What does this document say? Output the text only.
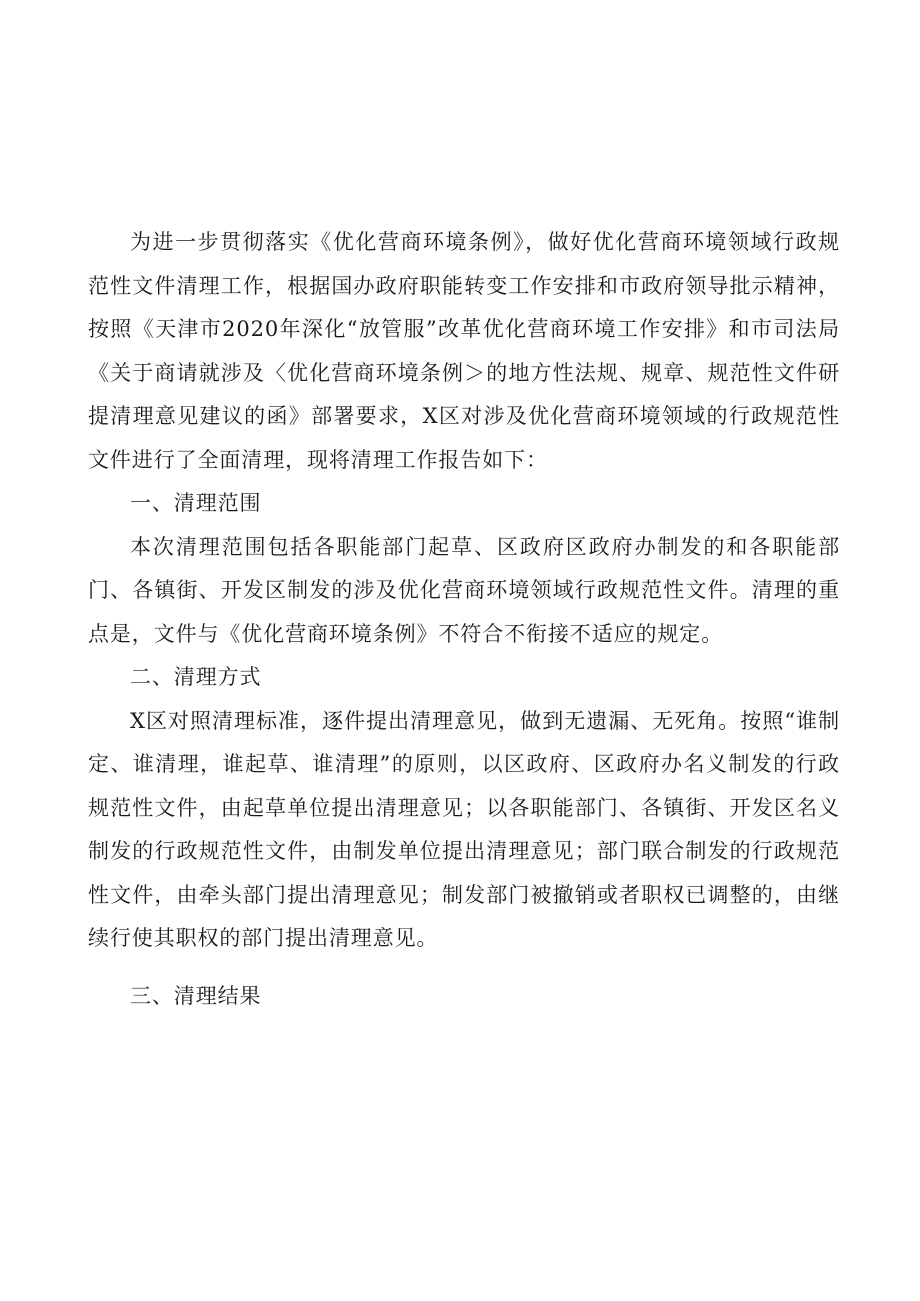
为进一步贯彻落实《优化营商环境条例》，做好优化营商环境领域行政规范性文件清理工作，根据国办政府职能转变工作安排和市政府领导批示精神，按照《天津市2020年深化“放管服”改革优化营商环境工作安排》和市司法局《关于商请就涉及〈优化营商环境条例＞的地方性法规、规章、规范性文件研提清理意见建议的函》部署要求，X区对涉及优化营商环境领域的行政规范性文件进行了全面清理，现将清理工作报告如下：

一、清理范围

本次清理范围包括各职能部门起草、区政府区政府办制发的和各职能部门、各镇街、开发区制发的涉及优化营商环境领域行政规范性文件。清理的重点是，文件与《优化营商环境条例》不符合不衔接不适应的规定。

二、清理方式

X区对照清理标准，逐件提出清理意见，做到无遗漏、无死角。按照“谁制定、谁清理，谁起草、谁清理”的原则，以区政府、区政府办名义制发的行政规范性文件，由起草单位提出清理意见；以各职能部门、各镇街、开发区名义制发的行政规范性文件，由制发单位提出清理意见；部门联合制发的行政规范性文件，由牵头部门提出清理意见；制发部门被撤销或者职权已调整的，由继续行使其职权的部门提出清理意见。

三、清理结果
